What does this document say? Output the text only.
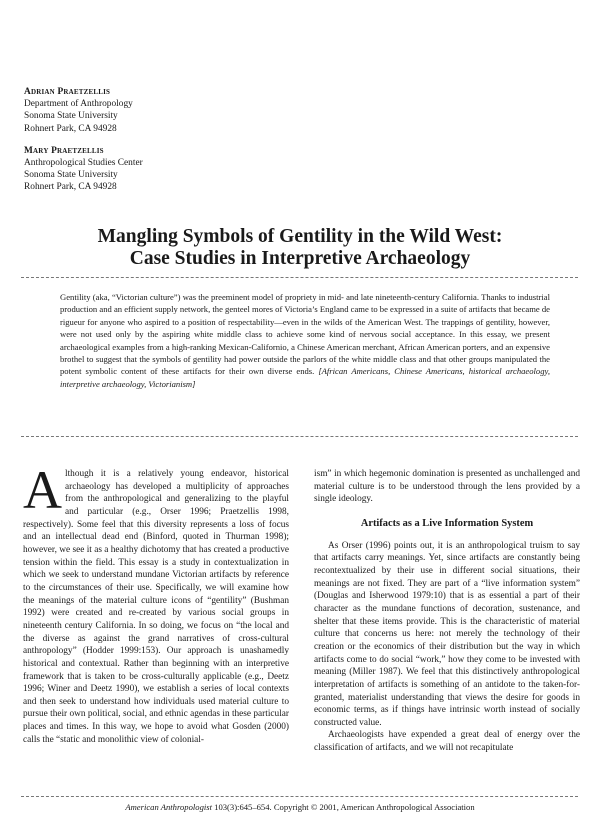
Adrian Praetzellis
Department of Anthropology
Sonoma State University
Rohnert Park, CA 94928
Mary Praetzellis
Anthropological Studies Center
Sonoma State University
Rohnert Park, CA 94928
Mangling Symbols of Gentility in the Wild West:
Case Studies in Interpretive Archaeology
Gentility (aka, “Victorian culture”) was the preeminent model of propriety in mid- and late nineteenth-century California. Thanks to industrial production and an efficient supply network, the genteel mores of Victoria’s England came to be expressed in a suite of artifacts that became de rigueur for anyone who aspired to a position of respectability—even in the wilds of the American West. The trappings of gentility, however, were not used only by the aspiring white middle class to achieve some kind of nervous social acceptance. In this essay, we present archaeological examples from a high-ranking Mexican-Californio, a Chinese American merchant, African American porters, and an expensive brothel to suggest that the symbols of gentility had power outside the parlors of the white middle class and that other groups manipulated the potent symbolic content of these artifacts for their own diverse ends. [African Americans, Chinese Americans, historical archaeology, interpretive archaeology, Victorianism]

Although it is a relatively young endeavor, historical archaeology has developed a multiplicity of approaches from the anthropological and generalizing to the playful and particular (e.g., Orser 1996; Praetzellis 1998, respectively). Some feel that this diversity represents a loss of focus and an intellectual dead end (Binford, quoted in Thurman 1998); however, we see it as a healthy dichotomy that has created a productive tension within the field. This essay is a study in contextualization in which we seek to understand mundane Victorian artifacts by reference to the circumstances of their use. Specifically, we will examine how the meanings of the material culture icons of “gentility” (Bushman 1992) were created and re-created by various social groups in nineteenth century California. In so doing, we focus on “the local and the diverse as against the grand narratives of cross-cultural anthropology” (Hodder 1999:153). Our approach is unashamedly historical and contextual. Rather than beginning with an interpretive framework that is taken to be cross-culturally applicable (e.g., Deetz 1996; Winer and Deetz 1990), we establish a series of local contexts and then seek to understand how individuals used material culture to pursue their own political, social, and ethnic agendas in these particular places and times. In this way, we hope to avoid what Gosden (2000) calls the “static and monolithic view of colonial-

ism” in which hegemonic domination is presented as unchallenged and material culture is to be understood through the lens provided by a single ideology.

Artifacts as a Live Information System

As Orser (1996) points out, it is an anthropological truism to say that artifacts carry meanings. Yet, since artifacts are constantly being recontextualized by their use in different social situations, their meanings are not fixed. They are part of a “live information system” (Douglas and Isherwood 1979:10) that is as essential a part of their character as the mundane functions of decoration, sustenance, and shelter that these items provide. This is the characteristic of material culture that concerns us here: not merely the technology of their creation or the economics of their distribution but the way in which artifacts come to do social “work,” how they come to be invested with meaning (Miller 1987). We feel that this distinctively anthropological interpretation of artifacts is something of an antidote to the taken-for-granted, materialist understanding that views the desire for goods in economic terms, as if things have intrinsic worth instead of socially constructed value.

Archaeologists have expended a great deal of energy over the classification of artifacts, and we will not recapitulate

American Anthropologist 103(3):645–654. Copyright © 2001, American Anthropological Association
